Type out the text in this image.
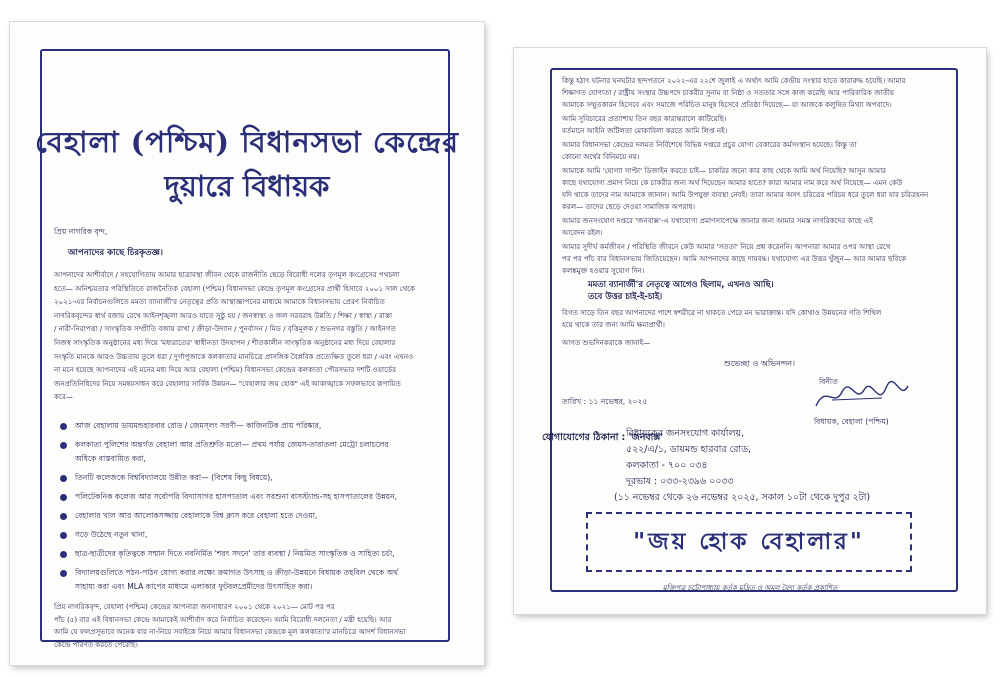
বেহালা (পশ্চিম) বিধানসভা কেন্দ্রের
দুয়ারে বিধায়ক
প্রিয় নাগরিক বৃন্দ,
আপনাদের কাছে চিরকৃতজ্ঞ।
আপনাদের আশীর্বাদে / সহযোগিতায় আমার ছাত্রাবস্থা জীবন থেকে রাজনীতি ছেড়ে বিরোধী দলের তৃণমূল কংগ্রেসের পথচলা
হতে— অনিশ্চয়তার পরিস্থিতিতে রাজনৈতিক বেহালা (পশ্চিম) বিধানসভা কেন্দ্রে তৃণমূল কংগ্রেসের প্রার্থী হিসাবে ২০০১ সাল থেকে
২০২১-এর নির্বাচনগুলিতে মমতা ব্যানার্জী'র নেতৃত্বের প্রতি আস্থাজ্ঞাপনের মাধ্যমে আমাকে বিধানসভায় প্রেরণ নির্বাচিত
নাগরিকবৃন্দের স্বার্থ বজায় রেখে আইনশৃঙ্খলা আরও যাতে সুষ্ঠু হয় / জনস্বাস্থ্য ও জল সরবরাহ উন্নতি / শিক্ষা / স্বাস্থ্য / রাস্তা
/ নারী-নিরাপত্তা / সাংস্কৃতিক সম্প্রীতি বজায় রাখা / ক্রীড়া-উদ্যান / পুনর্বাসন / মিড / বৃত্তিমূলক / শুভনগর বস্তুতি / আইনগত
নিজস্ব সাংস্কৃতিক অনুষ্ঠানের মধ্য দিয়ে 'মধ্যরাতের' স্বাধীনতা উদযাপন / শীতকালীন সাংস্কৃতিক অনুষ্ঠানের মধ্য দিয়ে বেহালার
সংস্কৃতি মানকে আরও উচ্চতায় তুলে ধরা / দুর্গাপুজাকে কলকাতার মানচিত্রে প্রাসঙ্গিক বৈপ্লবিক প্রত্যেক্ষিত তুলে ধরা / এবং এখনও
না মনে হয়েছে আপনাদের এই মনের মধ্য দিয়ে আর বেহালা (পশ্চিম) বিধানসভা কেন্দ্রের কলকাতা পৌরসভার দশটি ওয়ার্ডের
জনপ্রতিনিধিদের নিয়ে সমন্বয়সাধন করে বেহালার সার্বিক উন্নয়ন— "বেহালার জয় হোক" এই আকাঙ্খাকে সফলভাবে রূপায়িত
করে—
আজ বেহালায় ডায়মন্ডহারবার রোড / জেমস্‌লং সরণী— কাজিনটিক প্রায় পরিষ্কার,
কলকাতা পুলিশের অন্তর্গত বেহালা আর প্রতিশ্রুতি মতো— প্রথম পর্যায় জেমস-তারাতলা মেট্রো চলাচলের
অধিকে বাস্তবায়িত করা,
তিনটি কলেজকে বিশ্ববিদ্যালয়ে উন্নীত করা— (বিশেষ কিছু বিষয়ে),
পলিটেকনিক কলেজ আর সর্বোপরি বিদ্যাসাগর হাসপাতাল এবং সরশুনা বাসস্ট্যান্ড-সহ হাসপাতালের উন্নয়ন,
বেহালার খাল আর আলোকসজ্জায় বেহালাকে বিশ্ব ক্লাস করে বেহালা হতে দেওয়া,
গড়ে উঠেছে নতুন থানা,
ছাত্র-ছাত্রীদের কৃতিত্বকে সম্মান দিতে নবনির্মিত 'শরৎ সদনে' তার ব্যবস্থা / নিয়মিত সাংস্কৃতিক ও সাহিত্য চর্চা,
বিদ্যালয়গুলিতে পঠন-পাঠন যোগ্য করার লক্ষ্যে ক্রমাগত উৎসাহ ও ক্রীড়া-উন্নয়নে বিধায়ক তহবিল থেকে অর্থ
সাহায্য করা এবং MLA কাপের মাধ্যমে এলাকার ফুটবলপ্রেমীদের উৎসাহিত করা।
প্রিয় নাগরিকবৃন্দ, বেহালা (পশ্চিম) কেন্দ্রের আপনারা জনসাধারণ ২০০১ থেকে ২০২১— মোট পর পর
পাঁচ (৫) বার এই বিধানসভা কেন্দ্রে আমাকেই আশীর্বাদ করে নির্বাচিত করেছেন। আমি বিরোধী দলনেতা / মন্ত্রী হয়েছি। আর
আমি যে ফলপ্রসূভাবে অনেক বার না-নিয়ে সবাইকে নিয়ে আমার বিধানসভা কেন্দ্রকে মূল কলকাতা'র মানচিত্রে আদর্শ বিধানসভা
কেন্দ্রে পরিণত করতে পেরেছি।
কিন্তু হঠাৎ ঘটনার ঘনঘটার ছন্দপতনে ২০২২-এর ২২শে জুলাই এ অর্থাৎ আমি কেন্দ্রীয় সংস্থার হাতে কারারুদ্ধ হয়েছি। আমার
শিক্ষাগত যোগ্যতা / রাষ্ট্রীয় সংস্থার উচ্চপদে চাকরীর সুনাম বা নিষ্ঠা ও সততার সঙ্গে কাজ করেছি আর পারিবারিক জাতীয়
আমাকে সম্মুতকারন হিসেবে এবং সমাজে পরিচিত মানুষ হিসেবে প্রতিষ্ঠা দিয়েছে— যা আজকে কলুষিত মিথ্যা অপবাদে।
আমি সুবিচারের প্রত্যাশায় তিন বছর কারান্তরালে কাটিয়েছি।
বর্তমানে আইনি জটিলতা মোকাবিলা করতে আমি লিপ্ত নই।
আমার বিধানসভা কেন্দ্রের দলমত নির্বিশেষে বিভিন্ন দপ্তরে প্রচুর যোগ্য বেকারের কর্মসংস্থান হয়েছে। কিন্তু তা
কোনো অর্থের বিনিময়ে নয়।
আমাকে আমি 'যোগ্যা সাপ্টা' ডিজাইন করতে চাই— চাকরির জন্যে কার কাছ থেকে আমি অর্থ নিয়েছি? আসুন আমার
কাছে যথাযোগ্য প্রমাণ নিয়ে কে চাকরীর জন্য অর্থ দিয়েছেন আমার হাতে? কারা আমার নাম করে অর্থ নিয়েছে— এমন কেউ
যদি থাকে তাদের নাম আমাকে জানান। আমি উপযুক্ত ব্যবস্থা নেবই। তারা আমার অসৎ চরিত্রের পরিচয় ধরে তুলে ধরা যার চরিত্রহনন
করল— তাদের ছেড়ে দেওয়া সামাজিক অপরাধ।
আমার জনসংযোগ দপ্তরে 'জনবাক্স'-এ যথাযোগ্য প্রমাণসাপেক্ষে জানার জন্য আমার সমস্ত নাগরিকদের কাছে এই
আবেদন রইল।
আমার সুদীর্ঘ কর্মজীবন / পরিস্থিতি জীবনে কেউ আমার 'সততা' নিয়ে প্রশ্ন করেননি। আপনারা আমার ওপর আস্থা রেখে
পর পর পাঁচ বার বিধানসভায় জিতিয়েছেন। আমি আপনাদের কাছে দায়বদ্ধ। যথাযোগ্য এর উত্তর খুঁজুন— আর আমার ছবিকে
কলঙ্কমুক্ত হওয়ার সুযোগ দিন।
মমতা ব্যানার্জী'র নেতৃত্বে আগেও ছিলাম, এখনও আছি।
তবে উত্তর চাই-ই-চাই।
বিগত সাড়ে তিন বছর আপনাদের পাশে স্বশরীরে না থাকতে পেরে মন ভারাক্রান্ত। যদি কোথাও উন্নয়নের গতি শিথিল
হয়ে থাকে তার জন্য আমি ক্ষমাপ্রার্থী।
আগত শুভদিনকরাকে জানাই—
শুভেচ্ছা ও অভিনন্দন।
বিনীত
তারিখ : ১১ নভেম্বর, ২০২৫
বিধায়ক, বেহালা (পশ্চিম)
যোগাযোগের ঠিকানা : 'জনবাক্স'
বিধায়কের জনসংযোগ কার্যালয়,
৫২২/এ/১, ডায়মন্ড হারবার রোড,
কলকাতা - ৭০০ ০৩৪
দূরভাষ : ০৩৩-২৩৯৬ ০০৩৩
(১১ নভেম্বর থেকে ২৬ নভেম্বর ২০২৫, সকাল ১০টা থেকে দুপুর ২টা)
"জয় হোক বেহালার"
মুক্তিপত্র চট্টোপাধ্যায় কর্তৃক মুদ্রিত ও অমল বৈদ্য কর্তৃক প্রকাশিত
